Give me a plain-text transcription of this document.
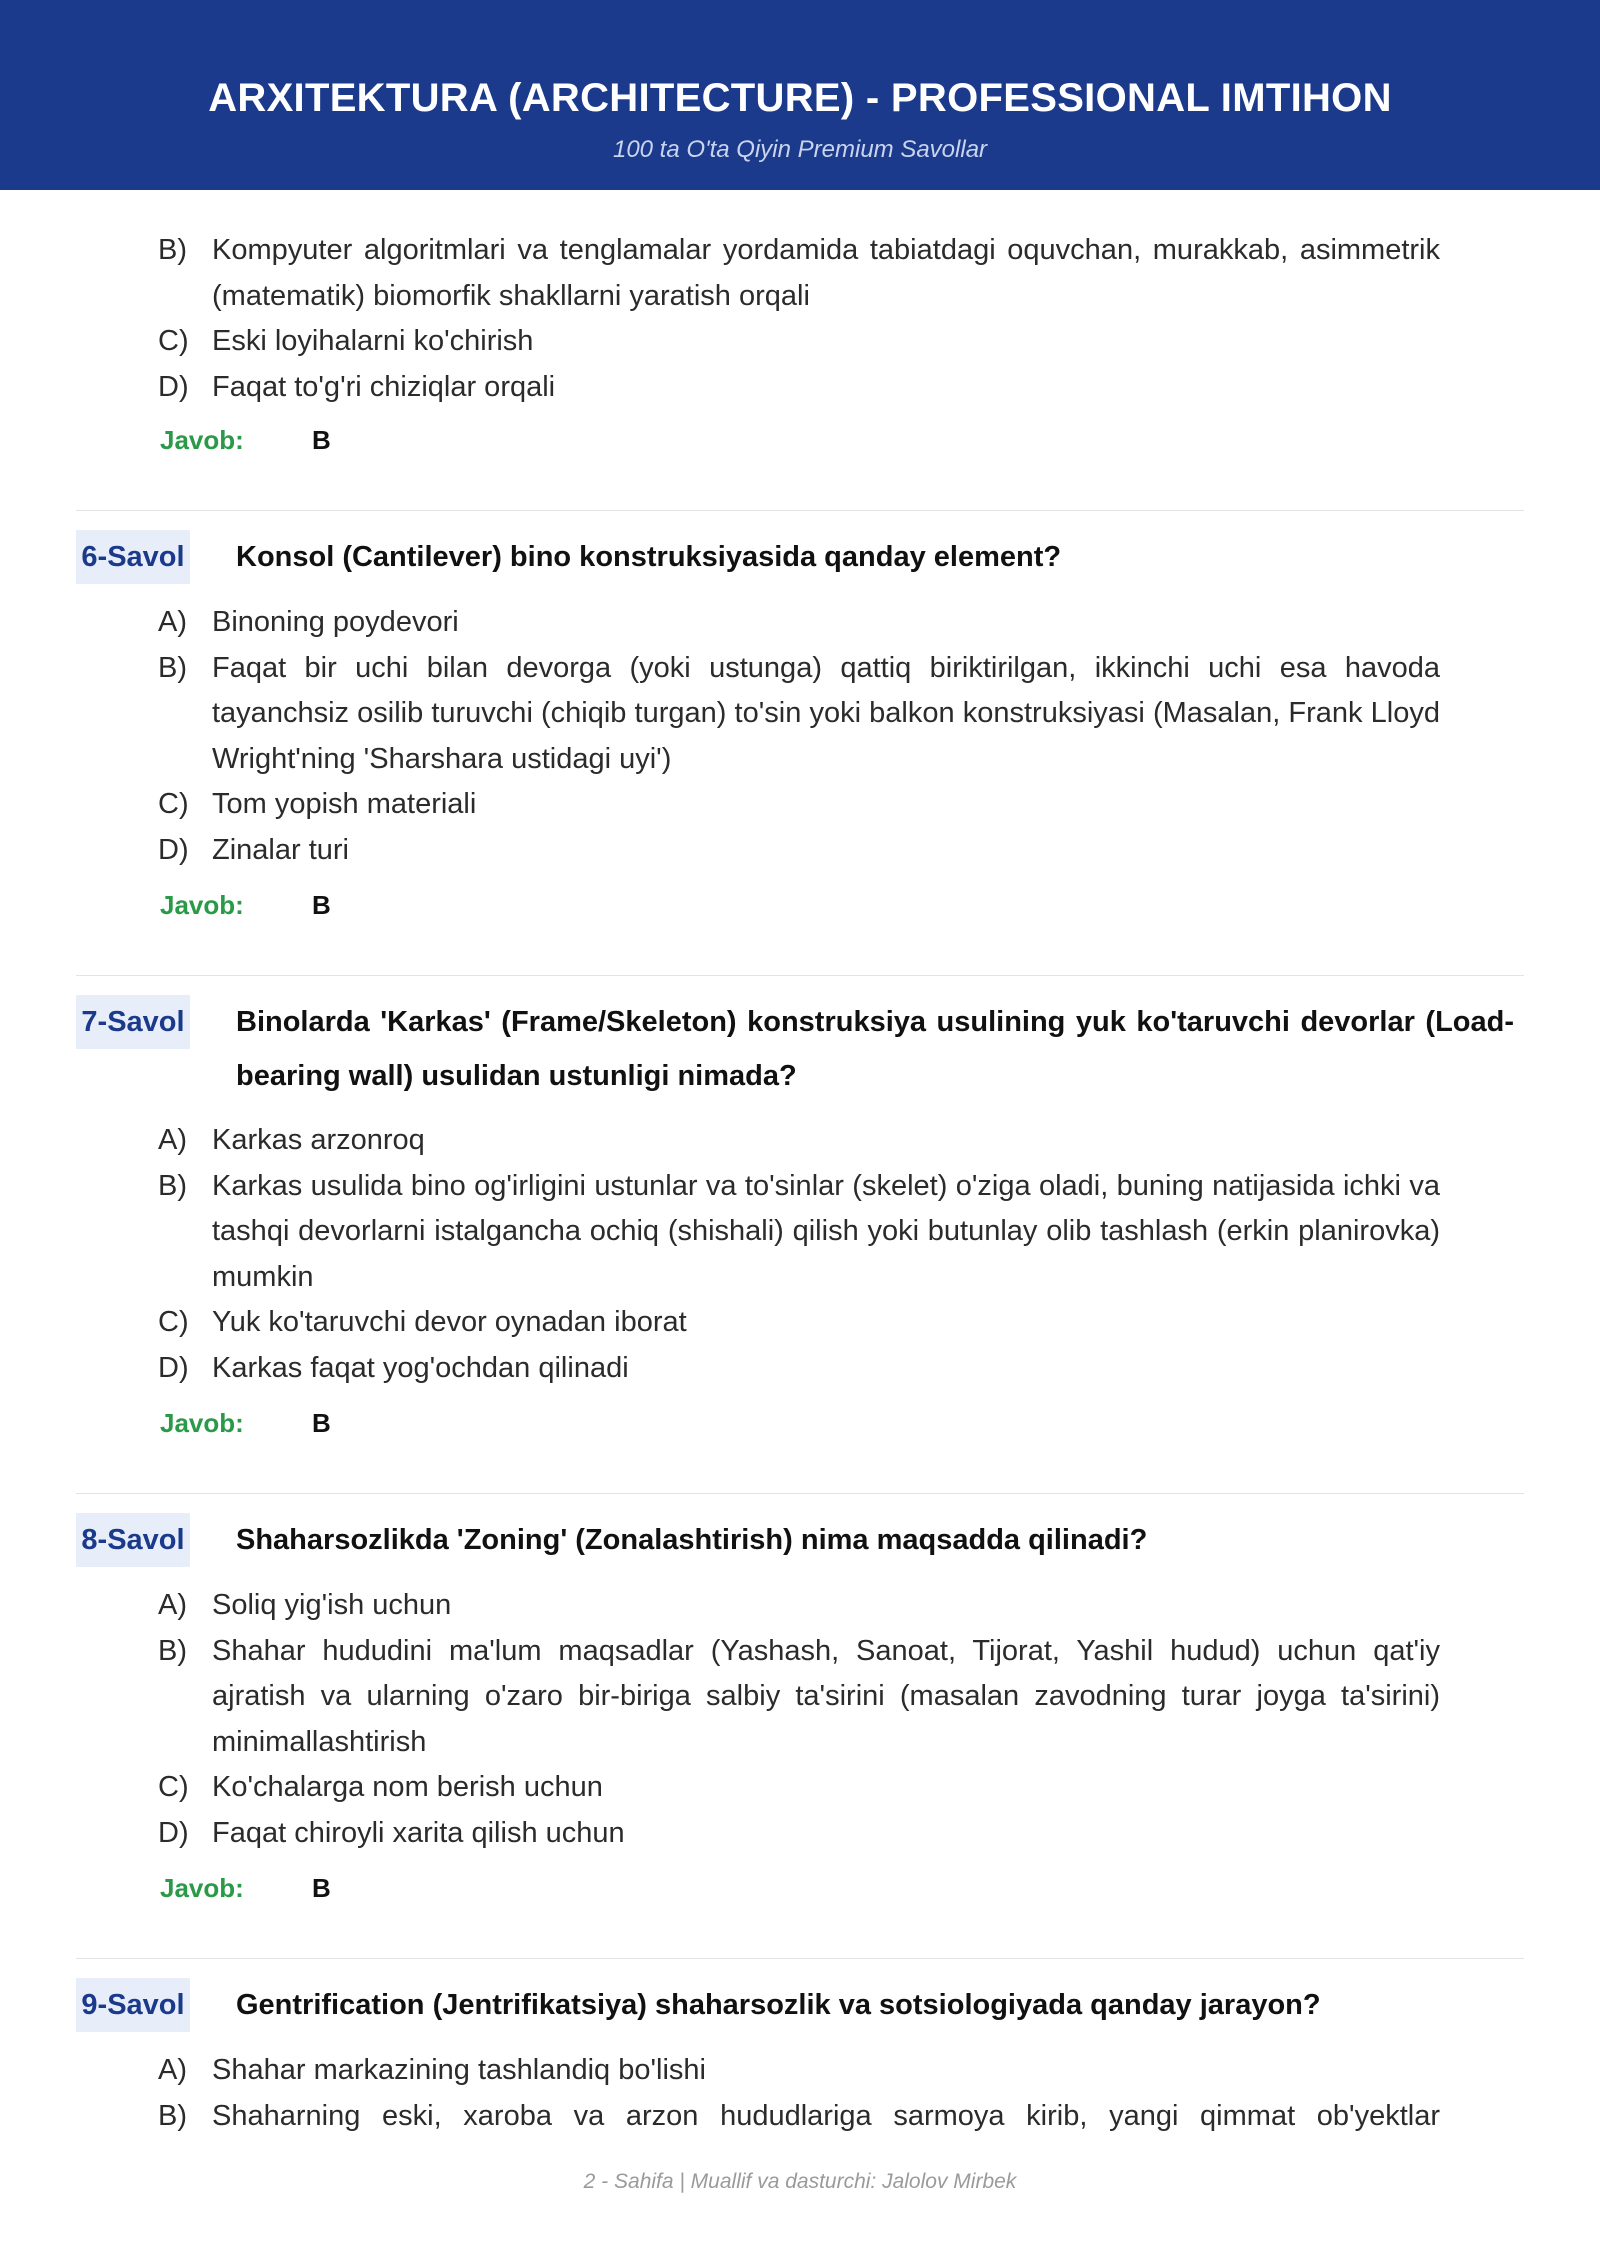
ARXITEKTURA (ARCHITECTURE) - PROFESSIONAL IMTIHON
100 ta O'ta Qiyin Premium Savollar
B) Kompyuter algoritmlari va tenglamalar yordamida tabiatdagi oquvchan, murakkab, asimmetrik (matematik) biomorfik shakllarni yaratish orqali
C) Eski loyihalarni ko'chirish
D) Faqat to'g'ri chiziqlar orqali
Javob:	B
6-Savol Konsol (Cantilever) bino konstruksiyasida qanday element?
A) Binoning poydevori
B) Faqat bir uchi bilan devorga (yoki ustunga) qattiq biriktirilgan, ikkinchi uchi esa havoda tayanchsiz osilib turuvchi (chiqib turgan) to'sin yoki balkon konstruksiyasi (Masalan, Frank Lloyd Wright'ning 'Sharshara ustidagi uyi')
C) Tom yopish materiali
D) Zinalar turi
Javob:	B
7-Savol Binolarda 'Karkas' (Frame/Skeleton) konstruksiya usulining yuk ko'taruvchi devorlar (Load-bearing wall) usulidan ustunligi nimada?
A) Karkas arzonroq
B) Karkas usulida bino og'irligini ustunlar va to'sinlar (skelet) o'ziga oladi, buning natijasida ichki va tashqi devorlarni istalgancha ochiq (shishali) qilish yoki butunlay olib tashlash (erkin planirovka) mumkin
C) Yuk ko'taruvchi devor oynadan iborat
D) Karkas faqat yog'ochdan qilinadi
Javob:	B
8-Savol Shaharsozlikda 'Zoning' (Zonalashtirish) nima maqsadda qilinadi?
A) Soliq yig'ish uchun
B) Shahar hududini ma'lum maqsadlar (Yashash, Sanoat, Tijorat, Yashil hudud) uchun qat'iy ajratish va ularning o'zaro bir-biriga salbiy ta'sirini (masalan zavodning turar joyga ta'sirini) minimallashtirish
C) Ko'chalarga nom berish uchun
D) Faqat chiroyli xarita qilish uchun
Javob:	B
9-Savol Gentrification (Jentrifikatsiya) shaharsozlik va sotsiologiyada qanday jarayon?
A) Shahar markazining tashlandiq bo'lishi
B) Shaharning eski, xaroba va arzon hududlariga sarmoya kirib, yangi qimmat ob'yektlar
2 - Sahifa | Muallif va dasturchi: Jalolov Mirbek
